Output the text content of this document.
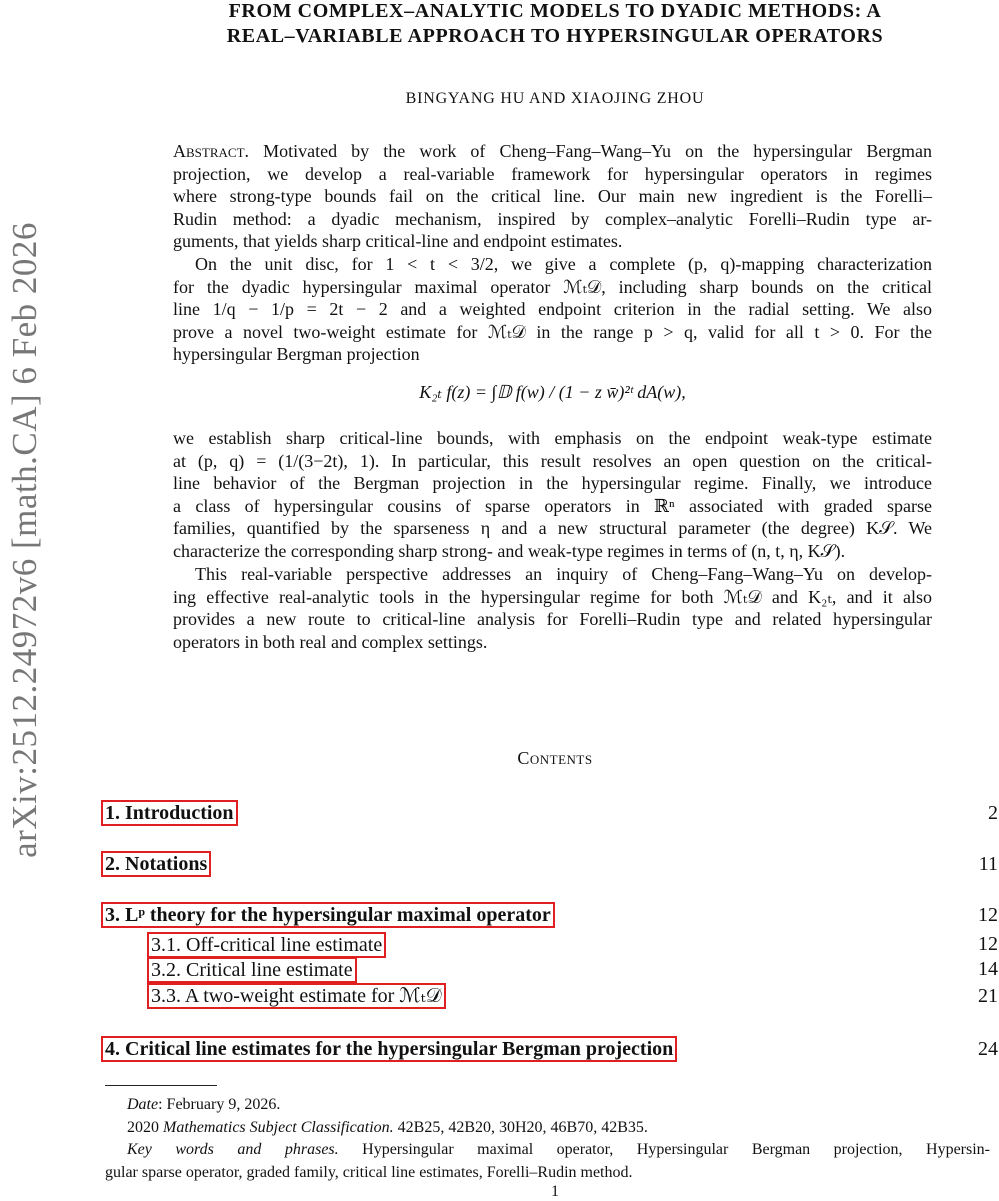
arXiv:2512.24972v6 [math.CA] 6 Feb 2026
FROM COMPLEX–ANALYTIC MODELS TO DYADIC METHODS: A
REAL–VARIABLE APPROACH TO HYPERSINGULAR OPERATORS
BINGYANG HU AND XIAOJING ZHOU
Abstract. Motivated by the work of Cheng–Fang–Wang–Yu on the hypersingular Bergman
projection, we develop a real-variable framework for hypersingular operators in regimes
where strong-type bounds fail on the critical line. Our main new ingredient is the Forelli–
Rudin method: a dyadic mechanism, inspired by complex–analytic Forelli–Rudin type ar-
guments, that yields sharp critical-line and endpoint estimates.
On the unit disc, for 1 < t < 3/2, we give a complete (p, q)-mapping characterization
for the dyadic hypersingular maximal operator ℳₜ𝒟, including sharp bounds on the critical
line 1/q − 1/p = 2t − 2 and a weighted endpoint criterion in the radial setting. We also
prove a novel two-weight estimate for ℳₜ𝒟 in the range p > q, valid for all t > 0. For the
hypersingular Bergman projection
K₂ₜ f(z) = ∫𝔻 f(w) / (1 − z w̄)²ᵗ dA(w),
we establish sharp critical-line bounds, with emphasis on the endpoint weak-type estimate
at (p, q) = (1/(3−2t), 1). In particular, this result resolves an open question on the critical-
line behavior of the Bergman projection in the hypersingular regime. Finally, we introduce
a class of hypersingular cousins of sparse operators in ℝⁿ associated with graded sparse
families, quantified by the sparseness η and a new structural parameter (the degree) K𝒮. We
characterize the corresponding sharp strong- and weak-type regimes in terms of (n, t, η, K𝒮).
This real-variable perspective addresses an inquiry of Cheng–Fang–Wang–Yu on develop-
ing effective real-analytic tools in the hypersingular regime for both ℳₜ𝒟 and K₂ₜ, and it also
provides a new route to critical-line analysis for Forelli–Rudin type and related hypersingular
operators in both real and complex settings.
Contents
1. Introduction	2
2. Notations	11
3. Lᵖ theory for the hypersingular maximal operator	12
3.1. Off-critical line estimate	12
3.2. Critical line estimate	14
3.3. A two-weight estimate for ℳₜ𝒟	21
4. Critical line estimates for the hypersingular Bergman projection	24
Date: February 9, 2026.
2020 Mathematics Subject Classification. 42B25, 42B20, 30H20, 46B70, 42B35.
Key words and phrases. Hypersingular maximal operator, Hypersingular Bergman projection, Hypersin-
gular sparse operator, graded family, critical line estimates, Forelli–Rudin method.
1
